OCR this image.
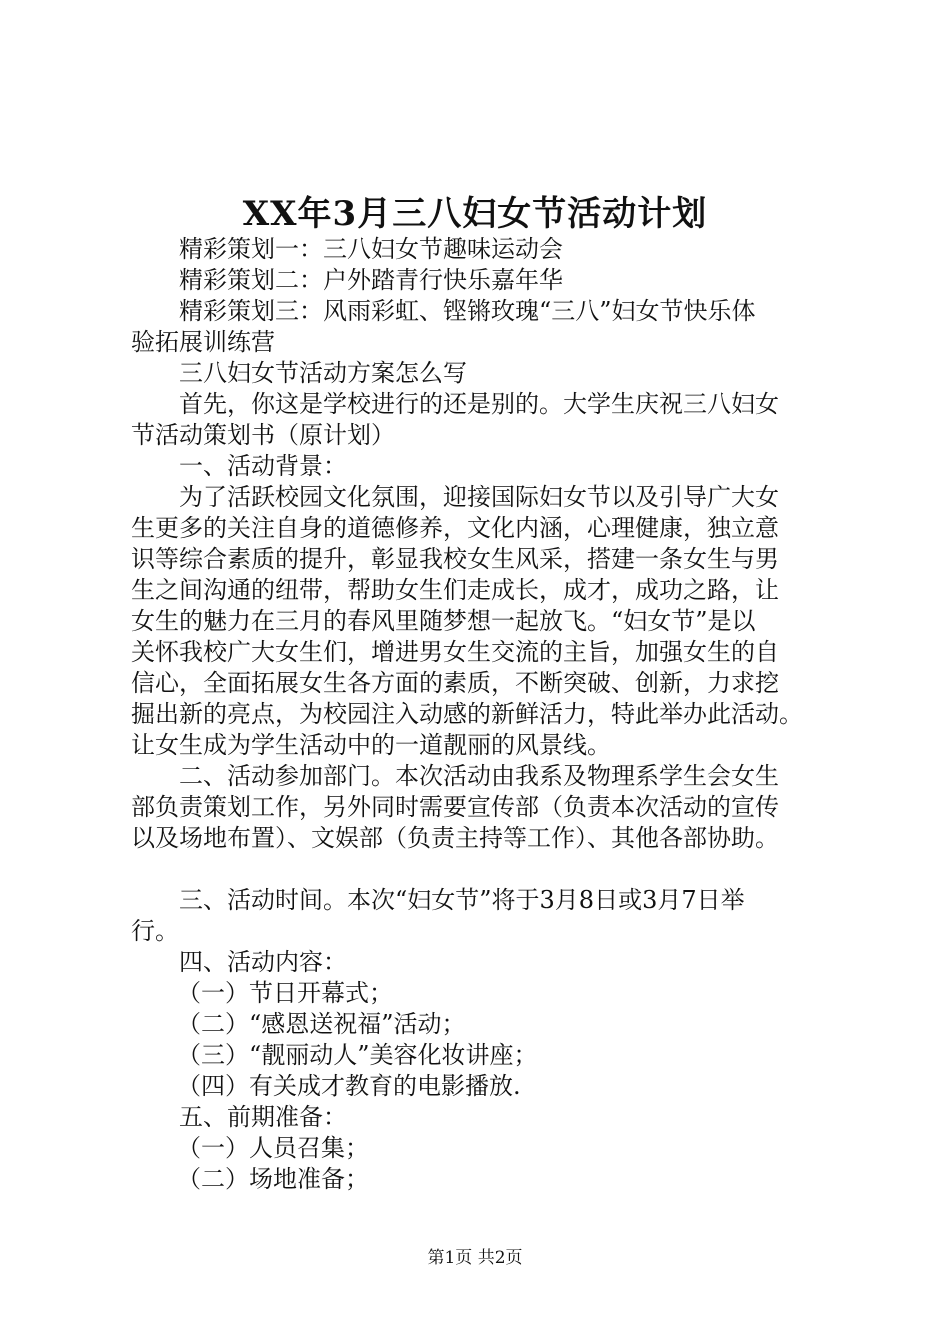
XX年3月三八妇女节活动计划

精彩策划一：三八妇女节趣味运动会

精彩策划二：户外踏青行快乐嘉年华

精彩策划三：风雨彩虹、铿锵玫瑰“三八”妇女节快乐体

验拓展训练营

三八妇女节活动方案怎么写

首先，你这是学校进行的还是别的。大学生庆祝三八妇女

节活动策划书（原计划）

一、活动背景：

为了活跃校园文化氛围，迎接国际妇女节以及引导广大女

生更多的关注自身的道德修养，文化内涵，心理健康，独立意

识等综合素质的提升，彰显我校女生风采，搭建一条女生与男

生之间沟通的纽带，帮助女生们走成长，成才，成功之路，让

女生的魅力在三月的春风里随梦想一起放飞。“妇女节”是以

关怀我校广大女生们，增进男女生交流的主旨，加强女生的自

信心，全面拓展女生各方面的素质，不断突破、创新，力求挖

掘出新的亮点，为校园注入动感的新鲜活力，特此举办此活动。

让女生成为学生活动中的一道靓丽的风景线。

二、活动参加部门。本次活动由我系及物理系学生会女生

部负责策划工作，另外同时需要宣传部（负责本次活动的宣传

以及场地布置）、文娱部（负责主持等工作）、其他各部协助。

三、活动时间。本次“妇女节”将于3月8日或3月7日举

行。

四、活动内容：

（一）节日开幕式；

（二）“感恩送祝福”活动；

（三）“靓丽动人”美容化妆讲座；

（四）有关成才教育的电影播放.

五、前期准备：

（一）人员召集；

（二）场地准备；

第1页 共2页
